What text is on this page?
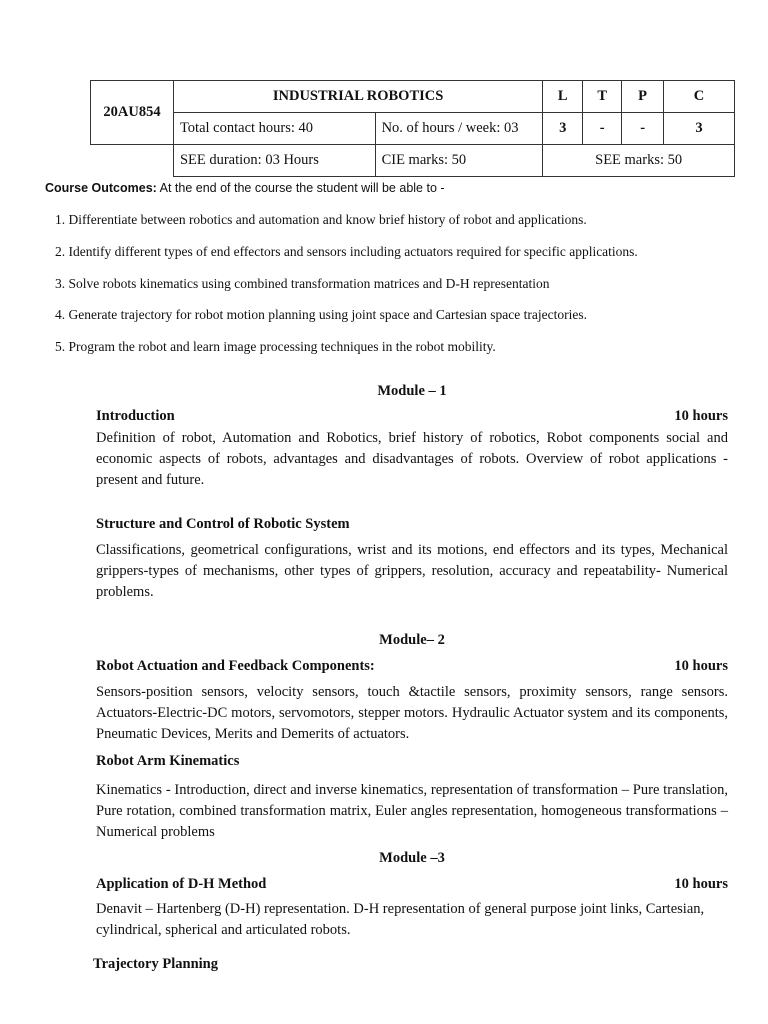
20AU854	INDUSTRIAL ROBOTICS		L	T	P	C
	Total contact hours: 40	No. of hours / week: 03	3	-	-	3
	SEE duration: 03 Hours	CIE marks: 50	SEE marks: 50			
Course Outcomes: At the end of the course the student will be able to -
1. Differentiate between robotics and automation and know brief history of robot and applications.
2. Identify different types of end effectors and sensors including actuators required for specific applications.
3. Solve robots kinematics using combined transformation matrices and D-H representation
4. Generate trajectory for robot motion planning using joint space and Cartesian space trajectories.
5. Program the robot and learn image processing techniques in the robot mobility.
Module – 1
Introduction	10 hours
Definition of robot, Automation and Robotics, brief history of robotics, Robot components social and economic aspects of robots, advantages and disadvantages of robots. Overview of robot applications - present and future.
Structure and Control of Robotic System
Classifications, geometrical configurations, wrist and its motions, end effectors and its types, Mechanical grippers-types of mechanisms, other types of grippers, resolution, accuracy and repeatability- Numerical problems.
Module– 2
Robot Actuation and Feedback Components:	10 hours
Sensors-position sensors, velocity sensors, touch &tactile sensors, proximity sensors, range sensors. Actuators-Electric-DC motors, servomotors, stepper motors. Hydraulic Actuator system and its components, Pneumatic Devices, Merits and Demerits of actuators.
Robot Arm Kinematics
Kinematics - Introduction, direct and inverse kinematics, representation of transformation – Pure translation, Pure rotation, combined transformation matrix, Euler angles representation, homogeneous transformations – Numerical problems
Module –3
Application of D-H Method	10 hours
Denavit – Hartenberg (D-H) representation. D-H representation of general purpose joint links, Cartesian, cylindrical, spherical and articulated robots.
Trajectory Planning
